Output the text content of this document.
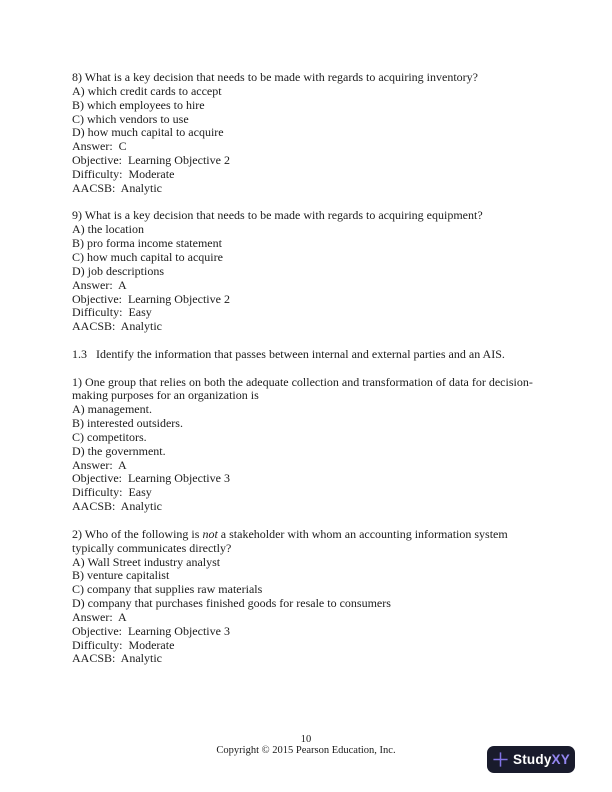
8) What is a key decision that needs to be made with regards to acquiring inventory?
A) which credit cards to accept
B) which employees to hire
C) which vendors to use
D) how much capital to acquire
Answer:  C
Objective:  Learning Objective 2
Difficulty:  Moderate
AACSB:  Analytic
9) What is a key decision that needs to be made with regards to acquiring equipment?
A) the location
B) pro forma income statement
C) how much capital to acquire
D) job descriptions
Answer:  A
Objective:  Learning Objective 2
Difficulty:  Easy
AACSB:  Analytic
1.3   Identify the information that passes between internal and external parties and an AIS.
1) One group that relies on both the adequate collection and transformation of data for decision-
making purposes for an organization is
A) management.
B) interested outsiders.
C) competitors.
D) the government.
Answer:  A
Objective:  Learning Objective 3
Difficulty:  Easy
AACSB:  Analytic
2) Who of the following is not a stakeholder with whom an accounting information system
typically communicates directly?
A) Wall Street industry analyst
B) venture capitalist
C) company that supplies raw materials
D) company that purchases finished goods for resale to consumers
Answer:  A
Objective:  Learning Objective 3
Difficulty:  Moderate
AACSB:  Analytic
10
Copyright © 2015 Pearson Education, Inc.
Study XY
